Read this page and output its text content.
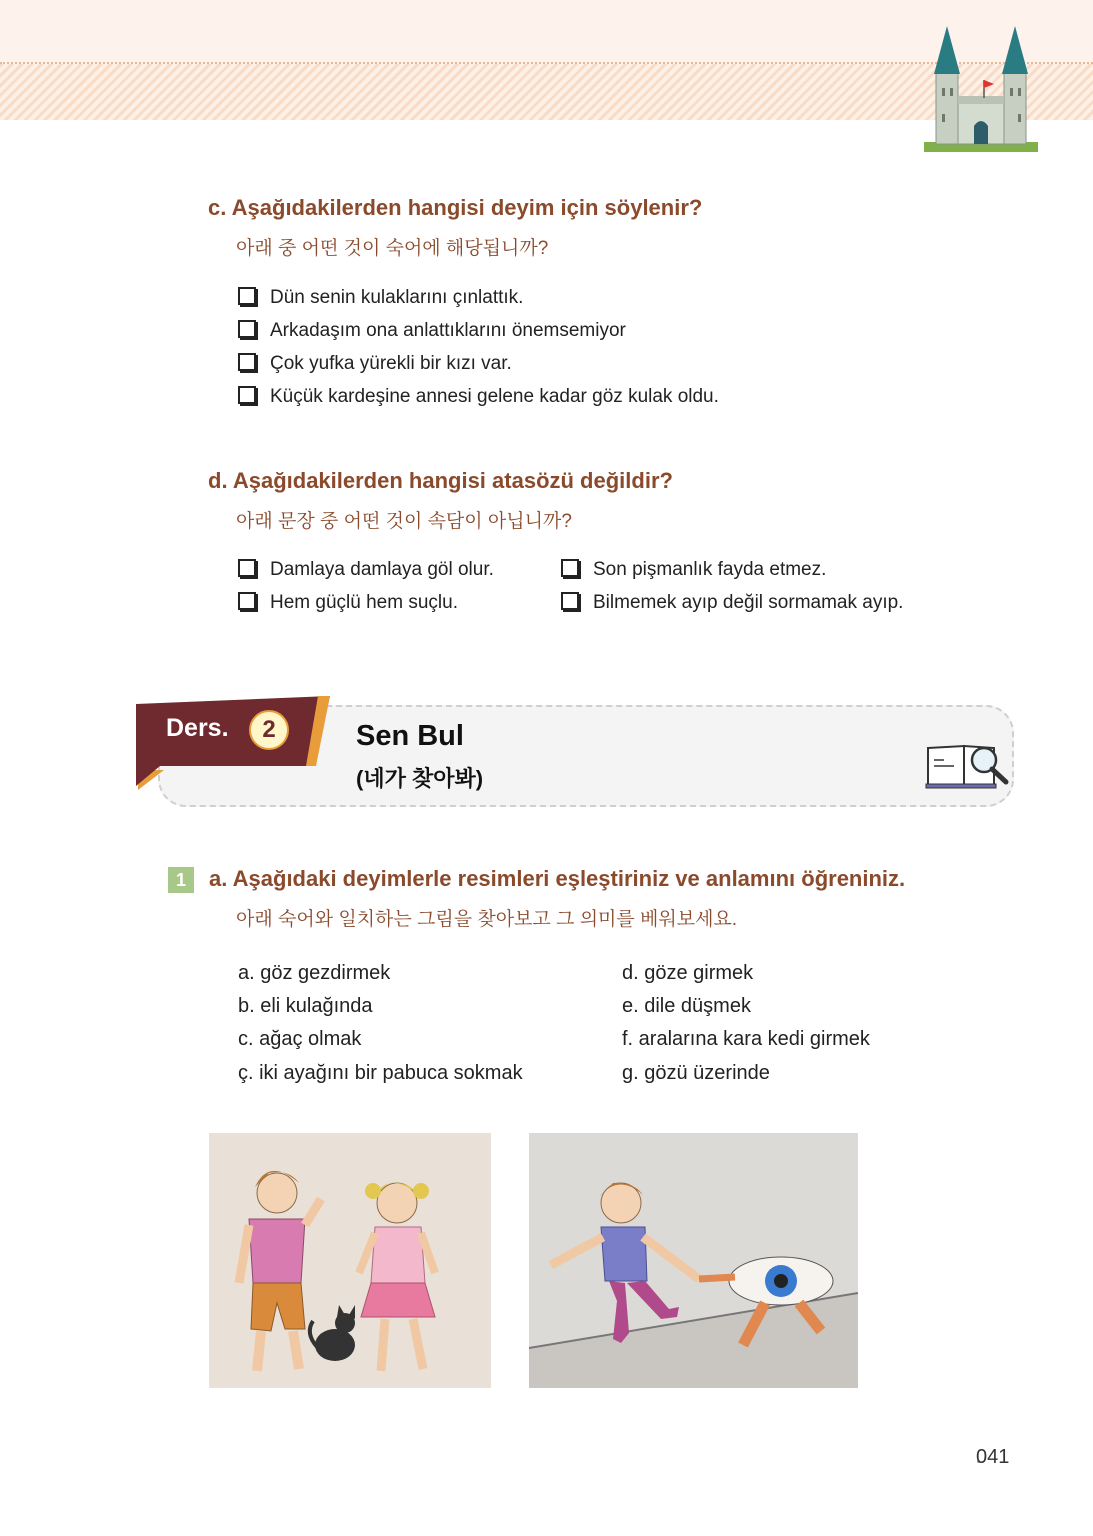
c. Aşağıdakilerden hangisi deyim için söylenir?
아래 중 어떤 것이 숙어에 해당됩니까?
Dün senin kulaklarını çınlattık.
Arkadaşım ona anlattıklarını önemsemiyor
Çok yufka yürekli bir kızı var.
Küçük kardeşine annesi gelene kadar göz kulak oldu.
d. Aşağıdakilerden hangisi atasözü değildir?
아래 문장 중 어떤 것이 속담이 아닙니까?
Damlaya damlaya göl olur.	Son pişmanlık fayda etmez.
Hem güçlü hem suçlu.	Bilmemek ayıp değil sormamak ayıp.
Ders.	2	Sen Bul
(네가 찾아봐)
1	a. Aşağıdaki deyimlerle resimleri eşleştiriniz ve anlamını öğreniniz.
아래 숙어와 일치하는 그림을 찾아보고 그 의미를 베워보세요.
a. göz gezdirmek
b. eli kulağında
c. ağaç olmak
ç. iki ayağını bir pabuca sokmak
d. göze girmek
e. dile düşmek
f. aralarına kara kedi girmek
g. gözü üzerinde
041
